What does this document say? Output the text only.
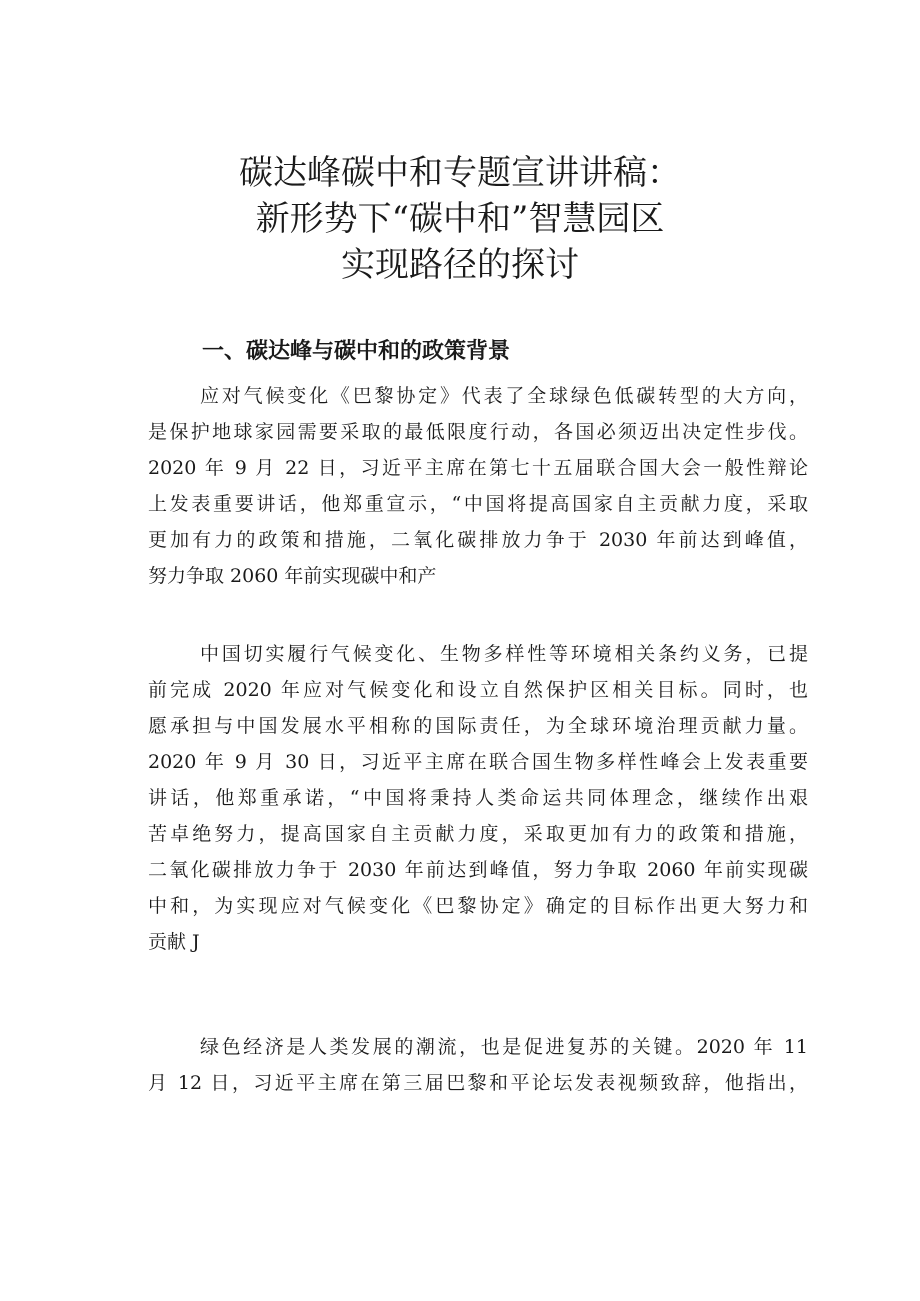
碳达峰碳中和专题宣讲讲稿：
新形势下“碳中和”智慧园区
实现路径的探讨
一、碳达峰与碳中和的政策背景
应对气候变化《巴黎协定》代表了全球绿色低碳转型的大方向，
是保护地球家园需要采取的最低限度行动，各国必须迈出决定性步伐。
2020 年 9 月 22 日，习近平主席在第七十五届联合国大会一般性辩论
上发表重要讲话，他郑重宣示，“中国将提高国家自主贡献力度，采取
更加有力的政策和措施，二氧化碳排放力争于 2030 年前达到峰值，
努力争取 2060 年前实现碳中和产
中国切实履行气候变化、生物多样性等环境相关条约义务，已提
前完成 2020 年应对气候变化和设立自然保护区相关目标。同时，也
愿承担与中国发展水平相称的国际责任，为全球环境治理贡献力量。
2020 年 9 月 30 日，习近平主席在联合国生物多样性峰会上发表重要
讲话，他郑重承诺，“中国将秉持人类命运共同体理念，继续作出艰
苦卓绝努力，提高国家自主贡献力度，采取更加有力的政策和措施，
二氧化碳排放力争于 2030 年前达到峰值，努力争取 2060 年前实现碳
中和，为实现应对气候变化《巴黎协定》确定的目标作出更大努力和
贡献 J
绿色经济是人类发展的潮流，也是促进复苏的关键。2020 年 11
月 12 日，习近平主席在第三届巴黎和平论坛发表视频致辞，他指出，
